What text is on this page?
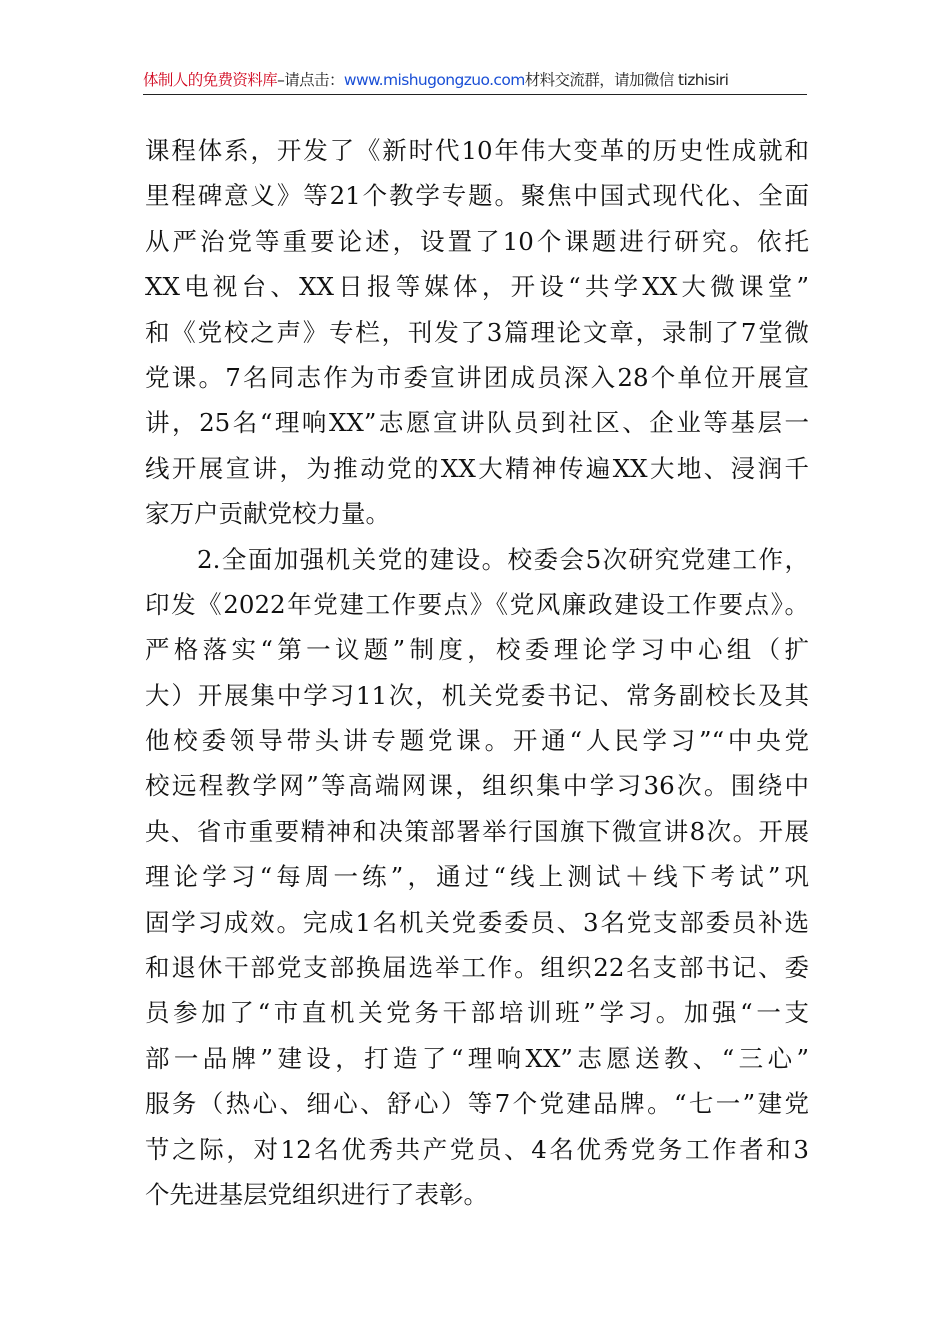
体制人的免费资料库–请点击：www.mishugongzuo.com材料交流群，请加微信 tizhisiri
课程体系，开发了《新时代10年伟大变革的历史性成就和
里程碑意义》等21个教学专题。聚焦中国式现代化、全面
从严治党等重要论述，设置了10个课题进行研究。依托
XX电视台、XX日报等媒体，开设“共学XX大微课堂”
和《党校之声》专栏，刊发了3篇理论文章，录制了7堂微
党课。7名同志作为市委宣讲团成员深入28个单位开展宣
讲，25名“理响XX”志愿宣讲队员到社区、企业等基层一
线开展宣讲，为推动党的XX大精神传遍XX大地、浸润千
家万户贡献党校力量。
2.全面加强机关党的建设。校委会5次研究党建工作，
印发《2022年党建工作要点》《党风廉政建设工作要点》。
严格落实“第一议题”制度，校委理论学习中心组（扩
大）开展集中学习11次，机关党委书记、常务副校长及其
他校委领导带头讲专题党课。开通“人民学习”“中央党
校远程教学网”等高端网课，组织集中学习36次。围绕中
央、省市重要精神和决策部署举行国旗下微宣讲8次。开展
理论学习“每周一练”，通过“线上测试＋线下考试”巩
固学习成效。完成1名机关党委委员、3名党支部委员补选
和退休干部党支部换届选举工作。组织22名支部书记、委
员参加了“市直机关党务干部培训班”学习。加强“一支
部一品牌”建设，打造了“理响XX”志愿送教、“三心”
服务（热心、细心、舒心）等7个党建品牌。“七一”建党
节之际，对12名优秀共产党员、4名优秀党务工作者和3
个先进基层党组织进行了表彰。
